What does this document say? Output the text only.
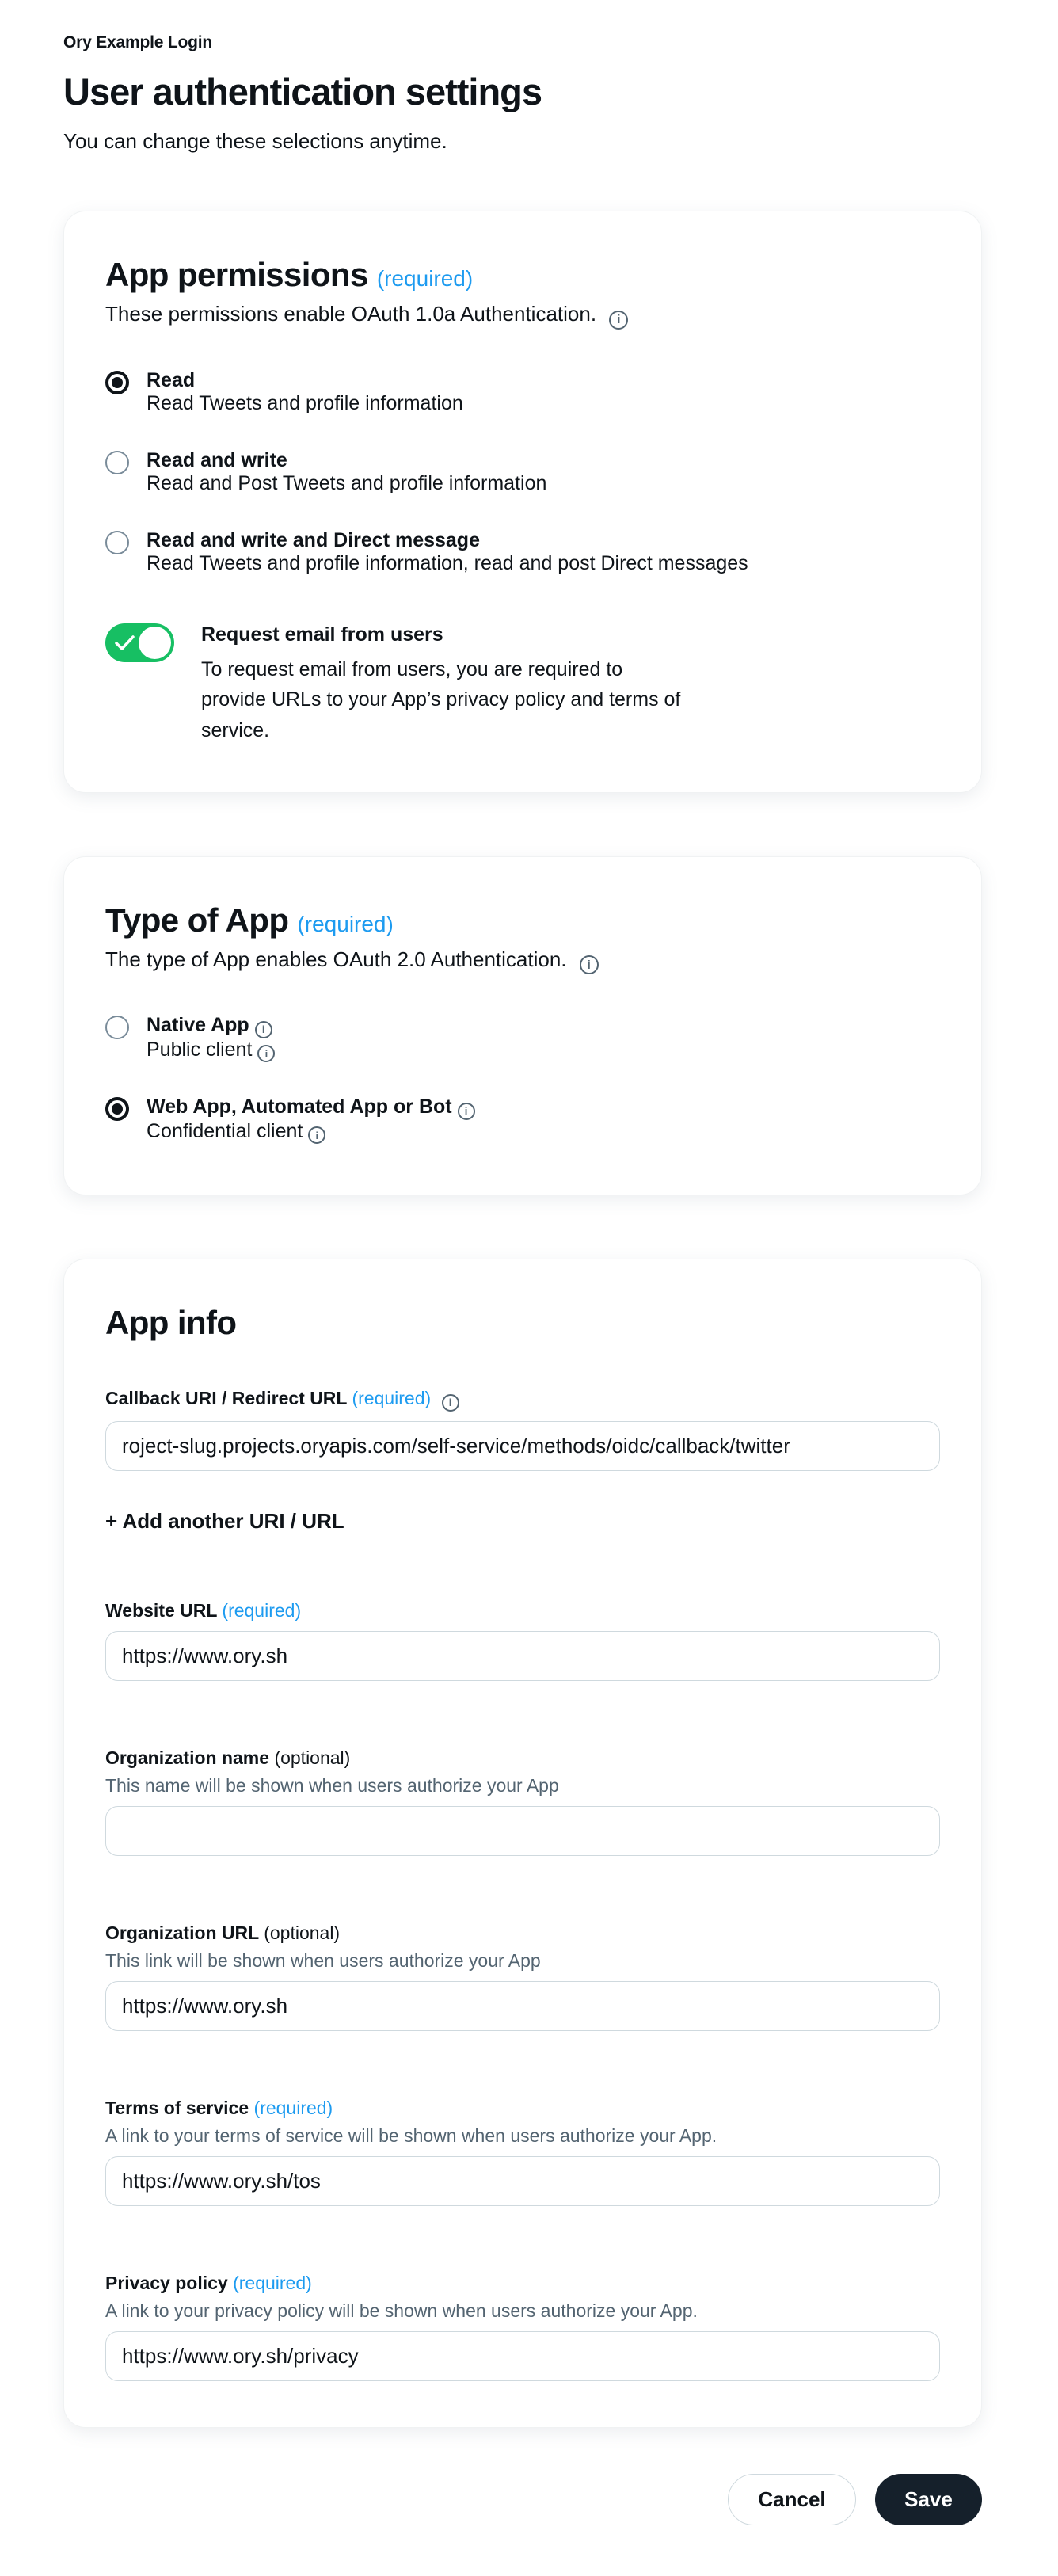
Ory Example Login
User authentication settings

You can change these selections anytime.

App permissions (required)

These permissions enable OAuth 1.0a Authentication. i

Read
Read Tweets and profile information
Read and write
Read and Post Tweets and profile information
Read and write and Direct message
Read Tweets and profile information, read and post Direct messages
Request email from users
To request email from users, you are required to provide URLs to your App’s privacy policy and terms of service.
Type of App (required)

The type of App enables OAuth 2.0 Authentication. i

Native App i
Public client i
Web App, Automated App or Bot i
Confidential client i
App info
Callback URI / Redirect URL (required) i
roject-slug.projects.oryapis.com/self-service/methods/oidc/callback/twitter + Add another URI / URL
Website URL (required)
https://www.ory.sh
Organization name (optional)
This name will be shown when users authorize your App
Organization URL (optional)
This link will be shown when users authorize your App
https://www.ory.sh
Terms of service (required)
A link to your terms of service will be shown when users authorize your App.
https://www.ory.sh/tos
Privacy policy (required)
A link to your privacy policy will be shown when users authorize your App.
https://www.ory.sh/privacy
Cancel	Save
